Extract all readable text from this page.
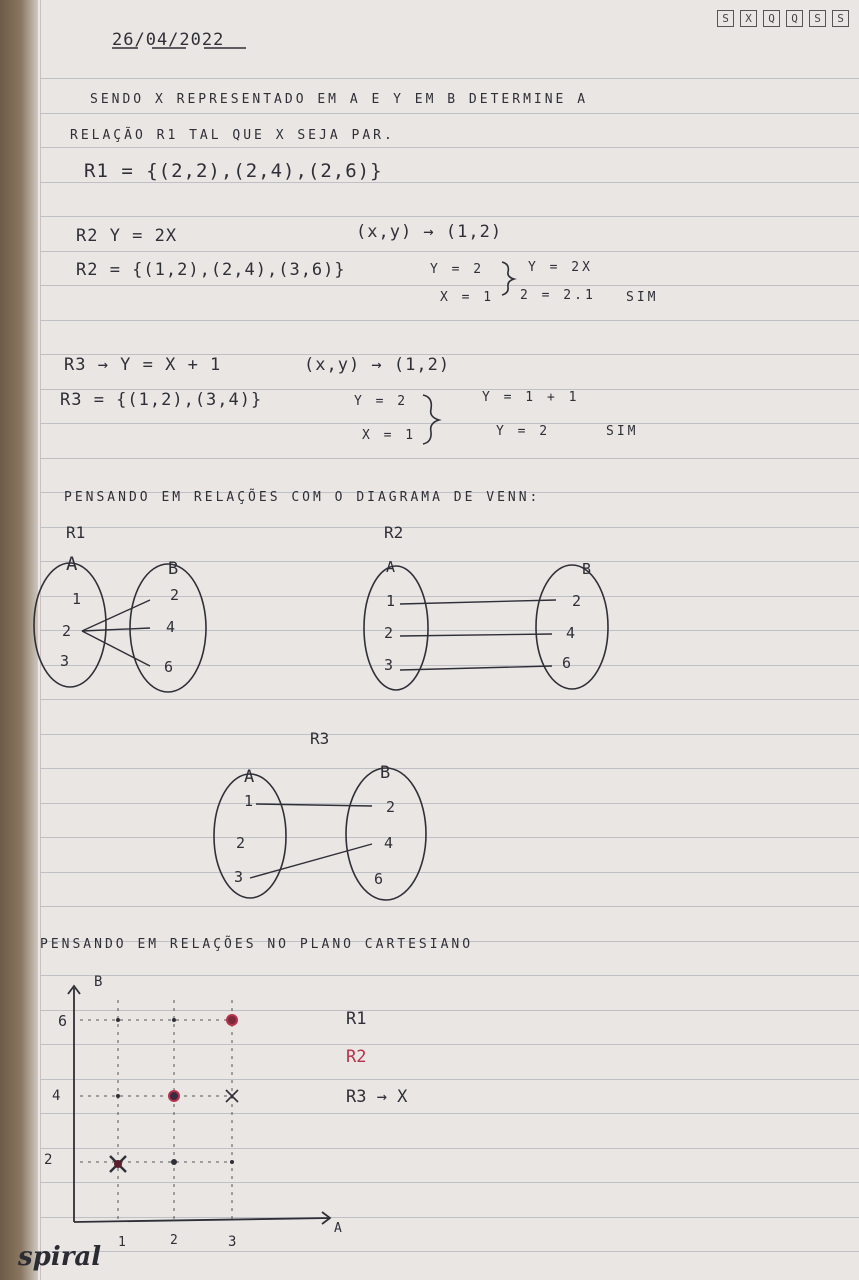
S	X	Q	Q	S	S
26/04/2022
SENDO X REPRESENTADO EM A E Y EM B DETERMINE A
RELAÇÃO R1 TAL QUE X SEJA PAR.
R1 = {(2,2),(2,4),(2,6)}
R2 Y = 2X	(x,y) → (1,2)
R2 = {(1,2),(2,4),(3,6)}	Y = 2
X = 1
Y = 2X
2 = 2.1 SIM
R3 → Y = X + 1	(x,y) → (1,2)
R3 = {(1,2),(3,4)}	Y = 2
X = 1
Y = 1 + 1
Y = 2	SIM
PENSANDO EM RELAÇÕES COM O DIAGRAMA DE VENN:
PENSANDO EM RELAÇÕES NO PLANO CARTESIANO
spiral
R1
A	B
1
2
3
2
4
6
R2
A	B
1
2
3
2
4
6
R3
A	B
1
2
3
2
4
6
B
A
6
4
2
1	2	3
R1
R2
R3 → X
